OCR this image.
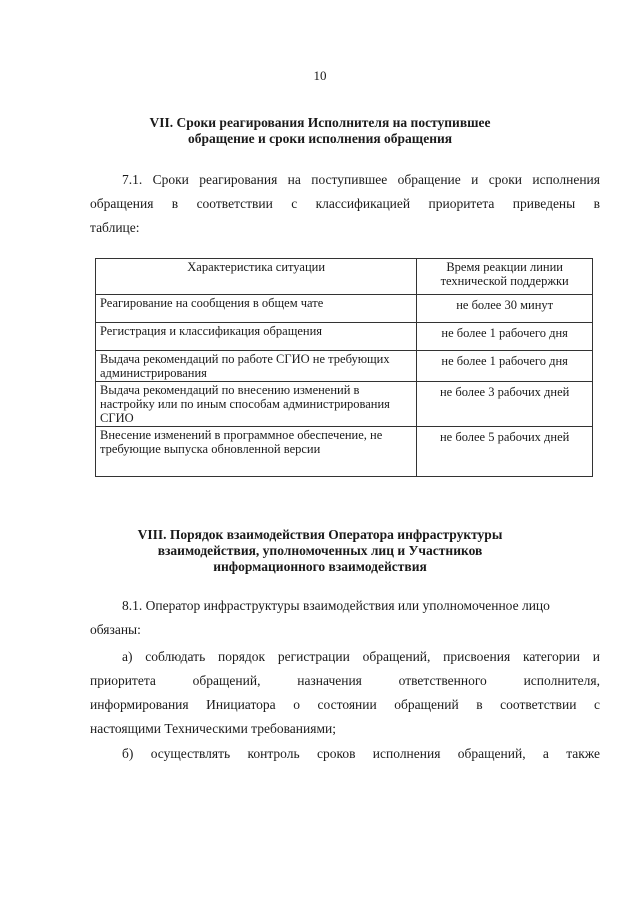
10
VII. Сроки реагирования Исполнителя на поступившее
обращение и сроки исполнения обращения
7.1. Сроки реагирования на поступившее обращение и сроки исполнения
обращения в соответствии с классификацией приоритета приведены в
таблице:
Характеристика ситуации	Время реакции линии технической поддержки
Реагирование на сообщения в общем чате	не более 30 минут
Регистрация и классификация обращения	не более 1 рабочего дня
Выдача рекомендаций по работе СГИО не требующих администрирования	не более 1 рабочего дня
Выдача рекомендаций по внесению изменений в настройку или по иным способам администрирования СГИО	не более 3 рабочих дней
Внесение изменений в программное обеспечение, не требующие выпуска обновленной версии	не более 5 рабочих дней
VIII. Порядок взаимодействия Оператора инфраструктуры
взаимодействия, уполномоченных лиц и Участников
информационного взаимодействия
8.1. Оператор инфраструктуры взаимодействия или уполномоченное лицо
обязаны:
а) соблюдать порядок регистрации обращений, присвоения категории и
приоритета обращений, назначения ответственного исполнителя,
информирования Инициатора о состоянии обращений в соответствии с
настоящими Техническими требованиями;
б) осуществлять контроль сроков исполнения обращений, а также
